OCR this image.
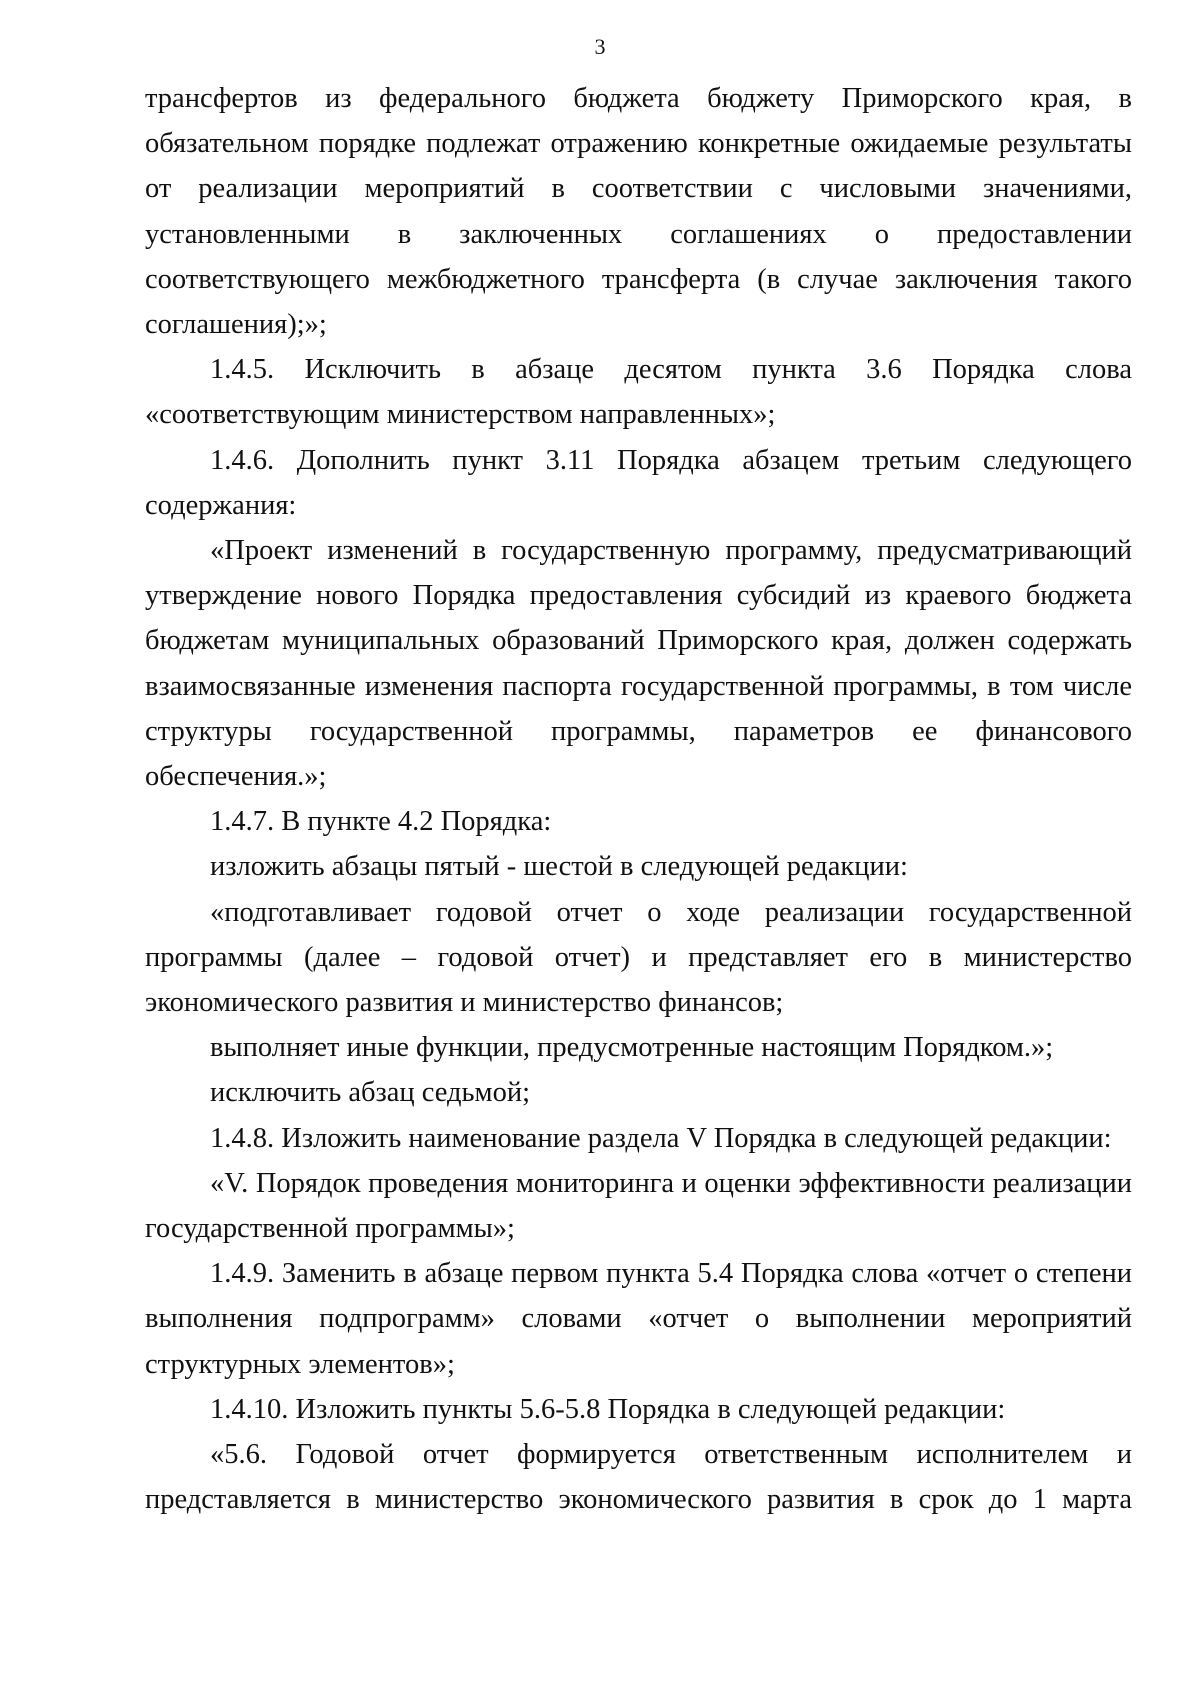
3

трансфертов из федерального бюджета бюджету Приморского края, в обязательном порядке подлежат отражению конкретные ожидаемые результаты от реализации мероприятий в соответствии с числовыми значениями, установленными в заключенных соглашениях о предоставлении соответствующего межбюджетного трансферта (в случае заключения такого соглашения);»;

1.4.5. Исключить в абзаце десятом пункта 3.6 Порядка слова «соответствующим министерством направленных»;

1.4.6. Дополнить пункт 3.11 Порядка абзацем третьим следующего содержания:

«Проект изменений в государственную программу, предусматривающий утверждение нового Порядка предоставления субсидий из краевого бюджета бюджетам муниципальных образований Приморского края, должен содержать взаимосвязанные изменения паспорта государственной программы, в том числе структуры государственной программы, параметров ее финансового обеспечения.»;

1.4.7. В пункте 4.2 Порядка:

изложить абзацы пятый - шестой в следующей редакции:

«подготавливает годовой отчет о ходе реализации государственной программы (далее – годовой отчет) и представляет его в министерство экономического развития и министерство финансов;

выполняет иные функции, предусмотренные настоящим Порядком.»;

исключить абзац седьмой;

1.4.8. Изложить наименование раздела V Порядка в следующей редакции:

«V. Порядок проведения мониторинга и оценки эффективности реализации государственной программы»;

1.4.9. Заменить в абзаце первом пункта 5.4 Порядка слова «отчет о степени выполнения подпрограмм» словами «отчет о выполнении мероприятий структурных элементов»;

1.4.10. Изложить пункты 5.6-5.8 Порядка в следующей редакции:

«5.6. Годовой отчет формируется ответственным исполнителем и представляется в министерство экономического развития в срок до 1 марта
